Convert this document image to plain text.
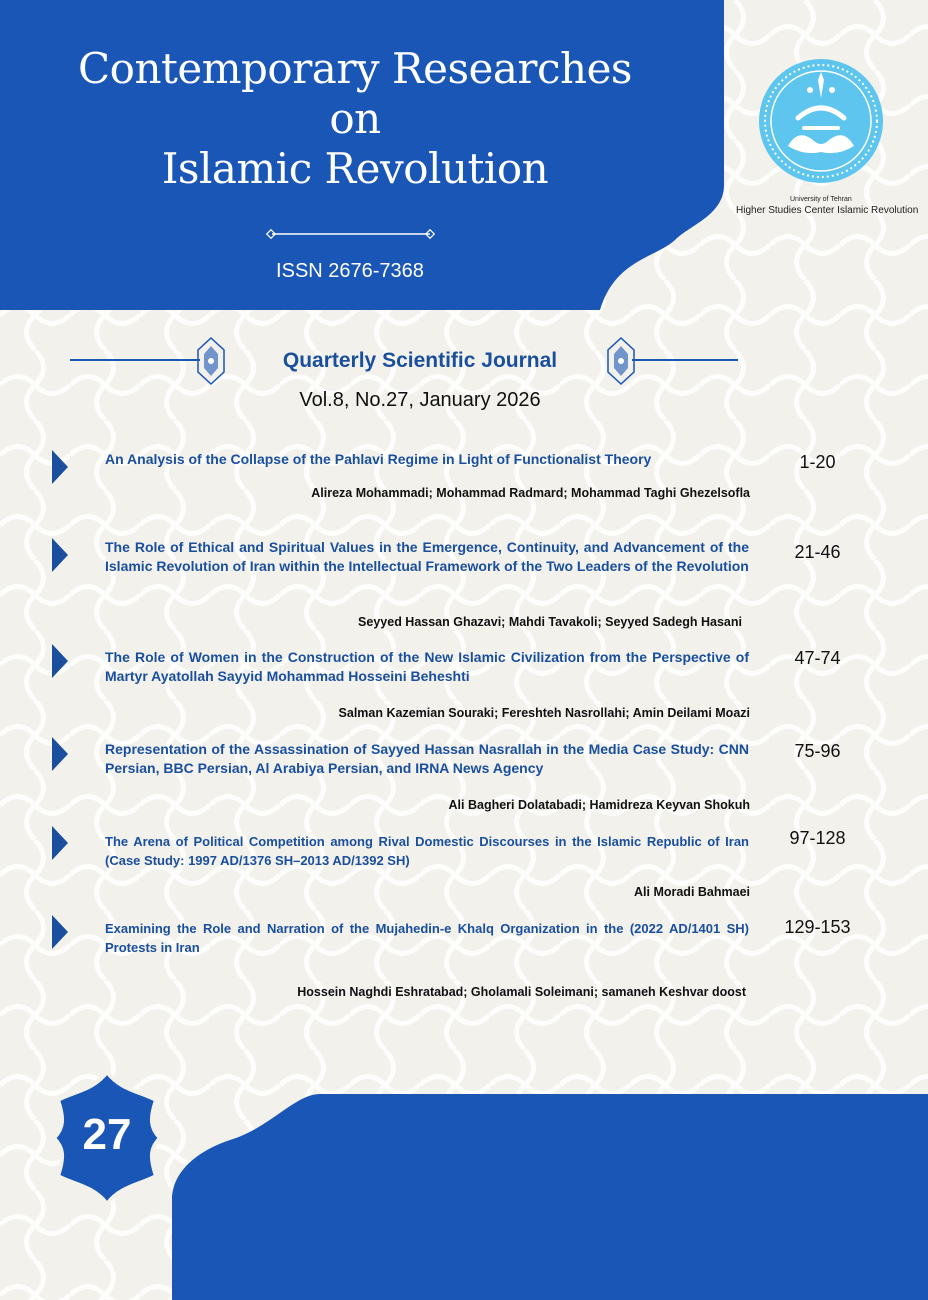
Contemporary Researches
on
Islamic Revolution
ISSN 2676-7368
University of Tehran
Higher Studies Center Islamic Revolution
Quarterly Scientific Journal
Vol.8, No.27, January 2026
An Analysis of the Collapse of the Pahlavi Regime in Light of Functionalist Theory	1-20
Alireza Mohammadi; Mohammad Radmard; Mohammad Taghi Ghezelsofla
The Role of Ethical and Spiritual Values in the Emergence, Continuity, and Advancement of the Islamic Revolution of Iran within the Intellectual Framework of the Two Leaders of the Revolution
21-46
Seyyed Hassan Ghazavi; Mahdi Tavakoli; Seyyed Sadegh Hasani
The Role of Women in the Construction of the New Islamic Civilization from the Perspective of Martyr Ayatollah Sayyid Mohammad Hosseini Beheshti
47-74
Salman Kazemian Souraki; Fereshteh Nasrollahi; Amin Deilami Moazi
Representation of the Assassination of Sayyed Hassan Nasrallah in the Media Case Study: CNN Persian, BBC Persian, Al Arabiya Persian, and IRNA News Agency
75-96
Ali Bagheri Dolatabadi; Hamidreza Keyvan Shokuh
The Arena of Political Competition among Rival Domestic Discourses in the Islamic Republic of Iran (Case Study: 1997 AD/1376 SH–2013 AD/1392 SH)
97-128
Ali Moradi Bahmaei
Examining the Role and Narration of the Mujahedin-e Khalq Organization in the (2022 AD/1401 SH) Protests in Iran
129-153
Hossein Naghdi Eshratabad; Gholamali Soleimani; samaneh Keshvar doost
27
